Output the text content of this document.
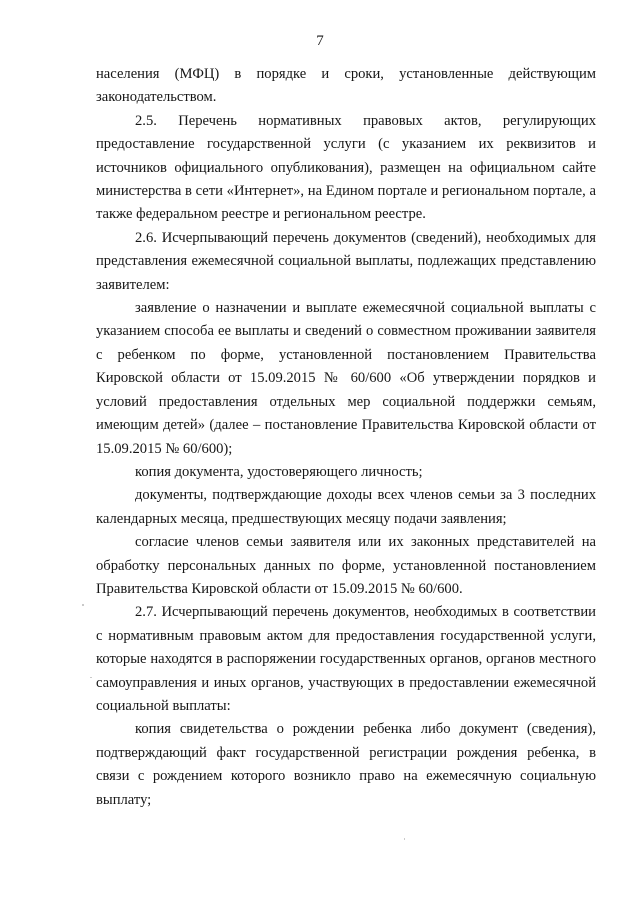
7

населения (МФЦ) в порядке и сроки, установленные действующим законодательством.

2.5. Перечень нормативных правовых актов, регулирующих предоставление государственной услуги (с указанием их реквизитов и источников официального опубликования), размещен на официальном сайте министерства в сети «Интернет», на Едином портале и региональном портале, а также федеральном реестре и региональном реестре.

2.6. Исчерпывающий перечень документов (сведений), необходимых для представления ежемесячной социальной выплаты, подлежащих представлению заявителем:

заявление о назначении и выплате ежемесячной социальной выплаты с указанием способа ее выплаты и сведений о совместном проживании заявителя с ребенком по форме, установленной постановлением Правительства Кировской области от 15.09.2015 № 60/600 «Об утверждении порядков и условий предоставления отдельных мер социальной поддержки семьям, имеющим детей» (далее – постановление Правительства Кировской области от 15.09.2015 № 60/600);

копия документа, удостоверяющего личность;

документы, подтверждающие доходы всех членов семьи за 3 последних календарных месяца, предшествующих месяцу подачи заявления;

согласие членов семьи заявителя или их законных представителей на обработку персональных данных по форме, установленной постановлением Правительства Кировской области от 15.09.2015 № 60/600.

2.7. Исчерпывающий перечень документов, необходимых в соответствии с нормативным правовым актом для предоставления государственной услуги, которые находятся в распоряжении государственных органов, органов местного самоуправления и иных органов, участвующих в предоставлении ежемесячной социальной выплаты:

копия свидетельства о рождении ребенка либо документ (сведения), подтверждающий факт государственной регистрации рождения ребенка, в связи с рождением которого возникло право на ежемесячную социальную выплату;
